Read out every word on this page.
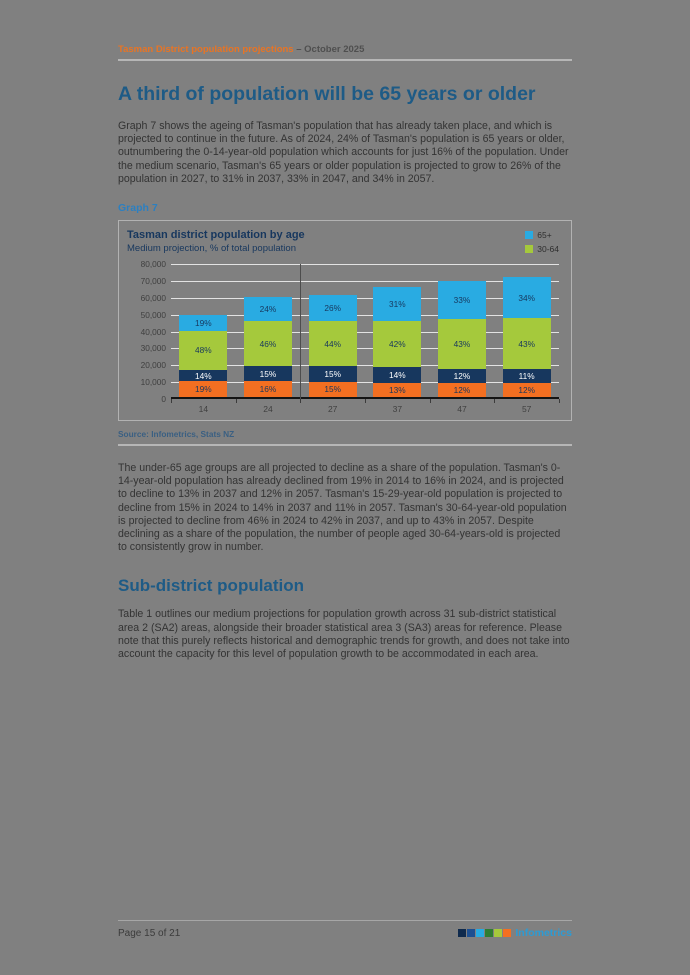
Tasman District population projections – October 2025
A third of population will be 65 years or older

Graph 7 shows the ageing of Tasman's population that has already taken place, and which is projected to continue in the future. As of 2024, 24% of Tasman's population is 65 years or older, outnumbering the 0-14-year-old population which accounts for just 16% of the population. Under the medium scenario, Tasman's 65 years or older population is projected to grow to 26% of the population in 2027, to 31% in 2037, 33% in 2047, and 34% in 2057.

Graph 7
Tasman district population by age
Medium projection, % of total population
65+
30-64
80,000
70,000
60,000
50,000
40,000
30,000
20,000
10,000
0
19%
48%
14%
19%
24%
46%
15%
16%
26%
44%
15%
15%
31%
42%
14%
13%
33%
43%
12%
12%
34%
43%
11%
12%
14	24	27	37	47	57
Source: Infometrics, Stats NZ

The under-65 age groups are all projected to decline as a share of the population. Tasman's 0-14-year-old population has already declined from 19% in 2014 to 16% in 2024, and is projected to decline to 13% in 2037 and 12% in 2057. Tasman's 15-29-year-old population is projected to decline from 15% in 2024 to 14% in 2037 and 11% in 2057. Tasman's 30-64-year-old population is projected to decline from 46% in 2024 to 42% in 2037, and up to 43% in 2057. Despite declining as a share of the population, the number of people aged 30-64-years-old is projected to consistently grow in number.

Sub-district population

Table 1 outlines our medium projections for population growth across 31 sub-district statistical area 2 (SA2) areas, alongside their broader statistical area 3 (SA3) areas for reference. Please note that this purely reflects historical and demographic trends for growth, and does not take into account the capacity for this level of population growth to be accommodated in each area.

Page 15 of 21	Infometrics
